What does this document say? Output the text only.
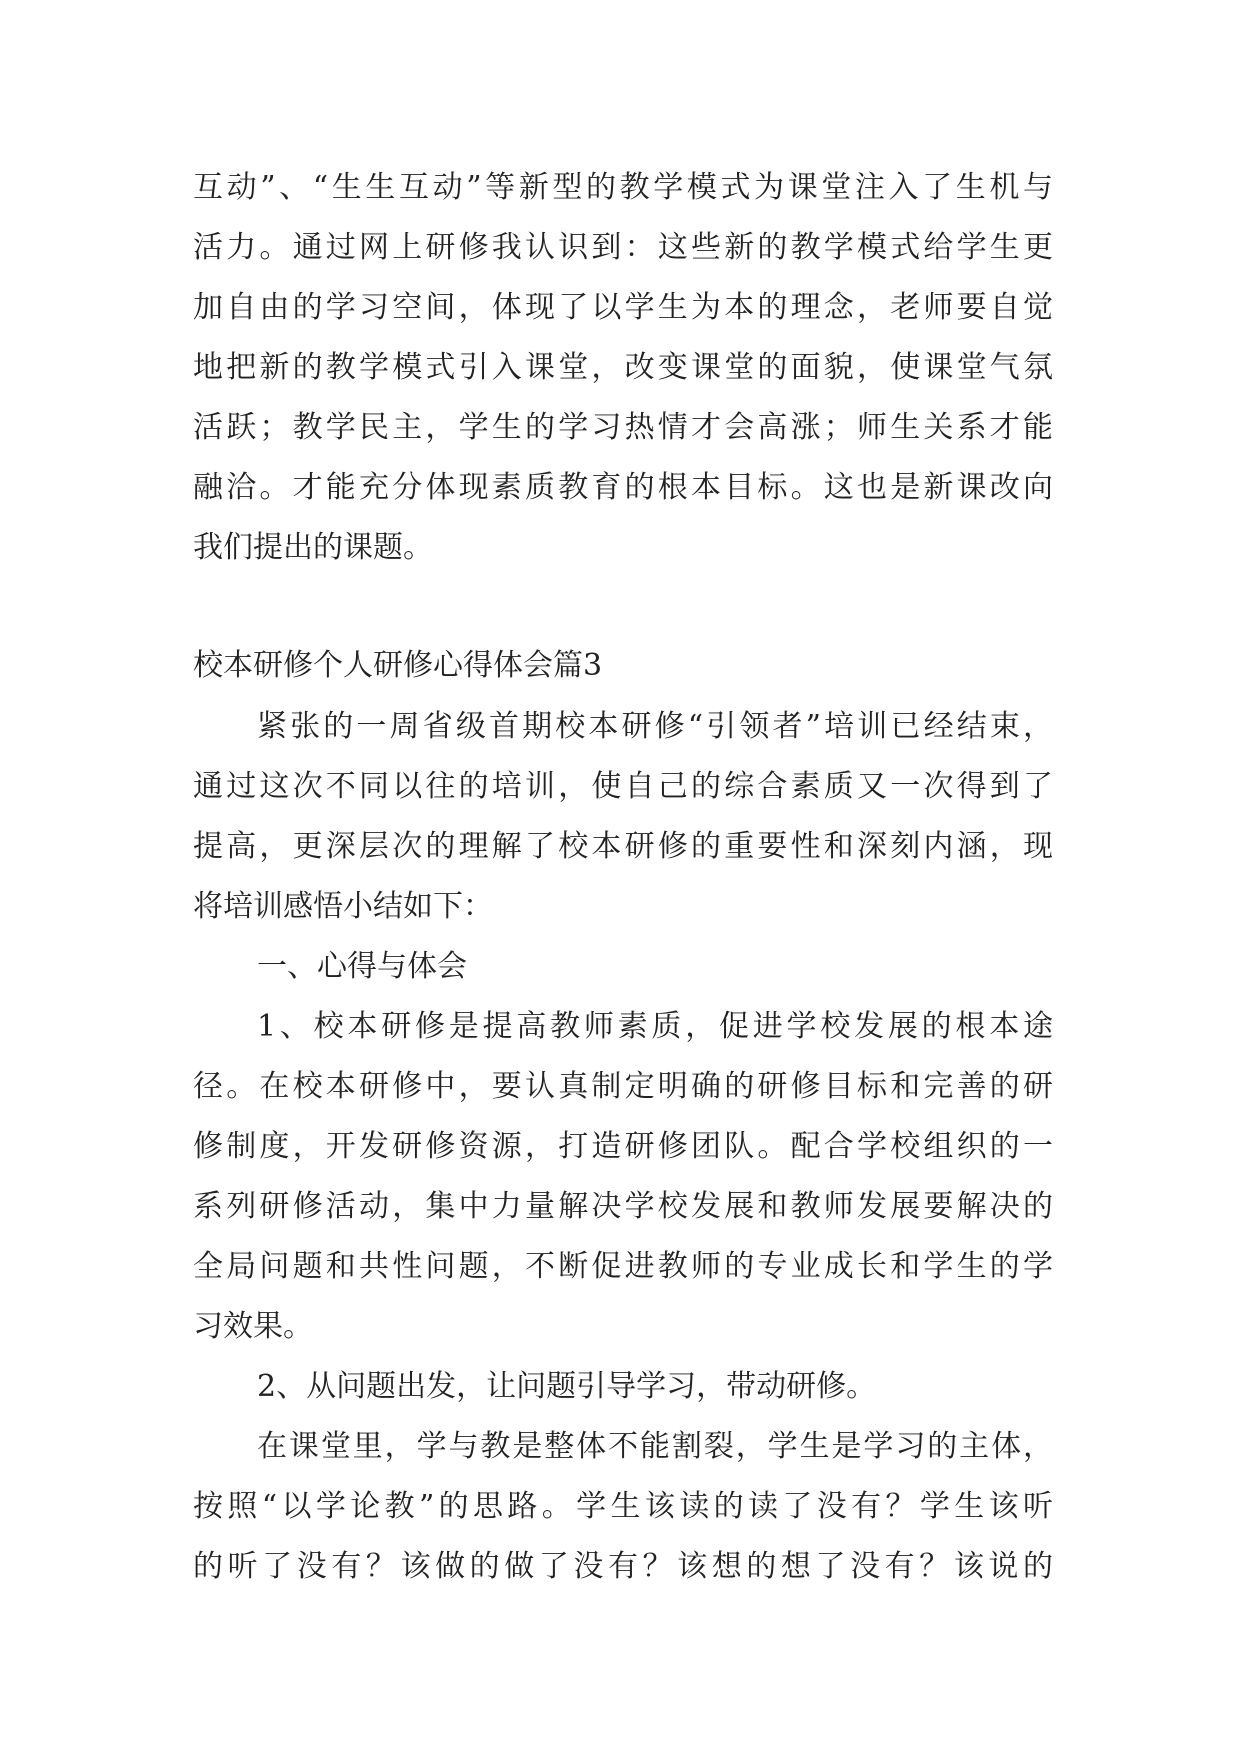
互动”、“生生互动”等新型的教学模式为课堂注入了生机与
活力。通过网上研修我认识到：这些新的教学模式给学生更
加自由的学习空间，体现了以学生为本的理念，老师要自觉
地把新的教学模式引入课堂，改变课堂的面貌，使课堂气氛
活跃；教学民主，学生的学习热情才会高涨；师生关系才能
融洽。才能充分体现素质教育的根本目标。这也是新课改向
我们提出的课题。
校本研修个人研修心得体会篇3
紧张的一周省级首期校本研修“引领者”培训已经结束，
通过这次不同以往的培训，使自己的综合素质又一次得到了
提高，更深层次的理解了校本研修的重要性和深刻内涵，现
将培训感悟小结如下：
一、心得与体会
1、校本研修是提高教师素质，促进学校发展的根本途
径。在校本研修中，要认真制定明确的研修目标和完善的研
修制度，开发研修资源，打造研修团队。配合学校组织的一
系列研修活动，集中力量解决学校发展和教师发展要解决的
全局问题和共性问题，不断促进教师的专业成长和学生的学
习效果。
2、从问题出发，让问题引导学习，带动研修。
在课堂里，学与教是整体不能割裂，学生是学习的主体，
按照“以学论教”的思路。学生该读的读了没有？学生该听
的听了没有？该做的做了没有？该想的想了没有？该说的
